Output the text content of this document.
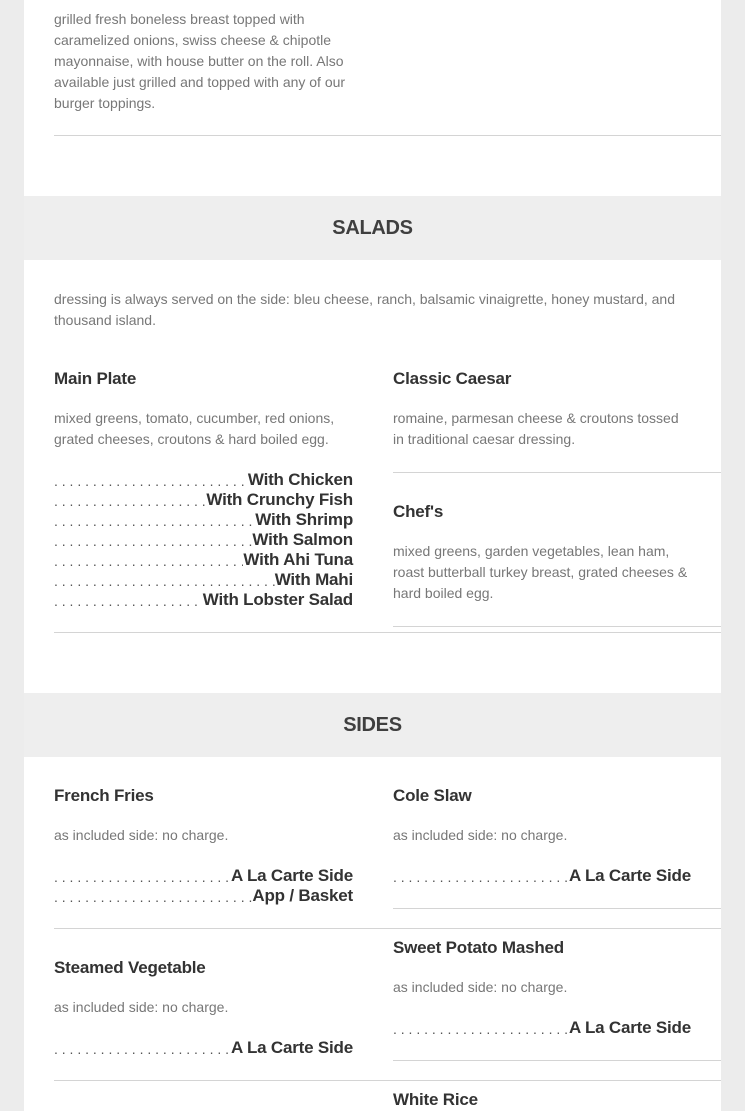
grilled fresh boneless breast topped with caramelized onions, swiss cheese & chipotle mayonnaise, with house butter on the roll. Also available just grilled and topped with any of our burger toppings.

SALADS

dressing is always served on the side: bleu cheese, ranch, balsamic vinaigrette, honey mustard, and thousand island.

Main Plate

mixed greens, tomato, cucumber, red onions, grated cheeses, croutons & hard boiled egg.

. . .
With Chicken
. . .
With Crunchy Fish
. . .
With Shrimp
. . .
With Salmon
. . .
With Ahi Tuna
. . .
With Mahi
. . .
With Lobster Salad
Classic Caesar

romaine, parmesan cheese & croutons tossed in traditional caesar dressing.

Chef's

mixed greens, garden vegetables, lean ham, roast butterball turkey breast, grated cheeses & hard boiled egg.

SIDES
French Fries

as included side: no charge.

. . .
A La Carte Side
. . .
App / Basket
Cole Slaw

as included side: no charge.

. . .
A La Carte Side
Steamed Vegetable

as included side: no charge.

. . .
A La Carte Side
Sweet Potato Mashed

as included side: no charge.

. . .
A La Carte Side
White Rice
